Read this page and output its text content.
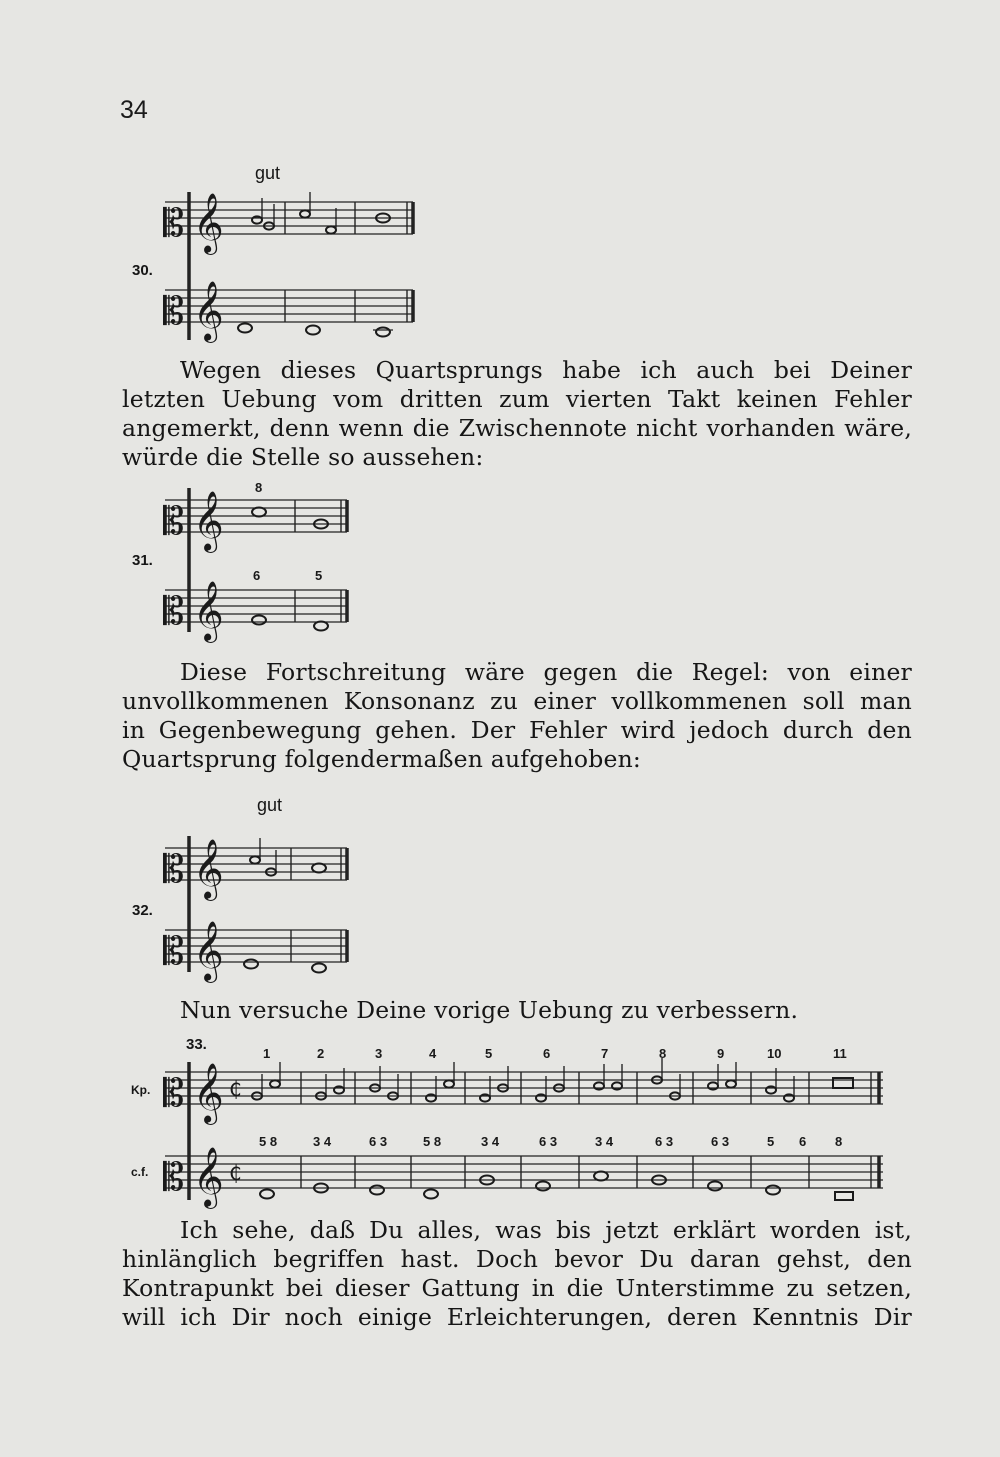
34
gut
30.
𝄡
𝄡
𝄞
𝄞
Wegen dieses Quartsprungs habe ich auch bei Deiner
letzten Uebung vom dritten zum vierten Takt keinen Fehler
angemerkt, denn wenn die Zwischennote nicht vorhanden wäre,
würde die Stelle so aussehen:
31.
𝄡
𝄡
𝄞
𝄞
8
6	5
Diese Fortschreitung wäre gegen die Regel: von einer
unvollkommenen Konsonanz zu einer vollkommenen soll man
in Gegenbewegung gehen. Der Fehler wird jedoch durch den
Quartsprung folgendermaßen aufgehoben:
gut
32.
𝄡
𝄡
𝄞
𝄞
Nun versuche Deine vorige Uebung zu verbessern.
33.
Kp.
c.f.
1	2	3	4	5	6	7	8	9	10	11
𝄡
𝄡
𝄞
𝄞
₵
₵
5 8	3 4	6 3	5 8	3 4	6 3	3 4	6 3	6 3	5 6 8
Ich sehe, daß Du alles, was bis jetzt erklärt worden ist,
hinlänglich begriffen hast. Doch bevor Du daran gehst, den
Kontrapunkt bei dieser Gattung in die Unterstimme zu setzen,
will ich Dir noch einige Erleichterungen, deren Kenntnis Dir
